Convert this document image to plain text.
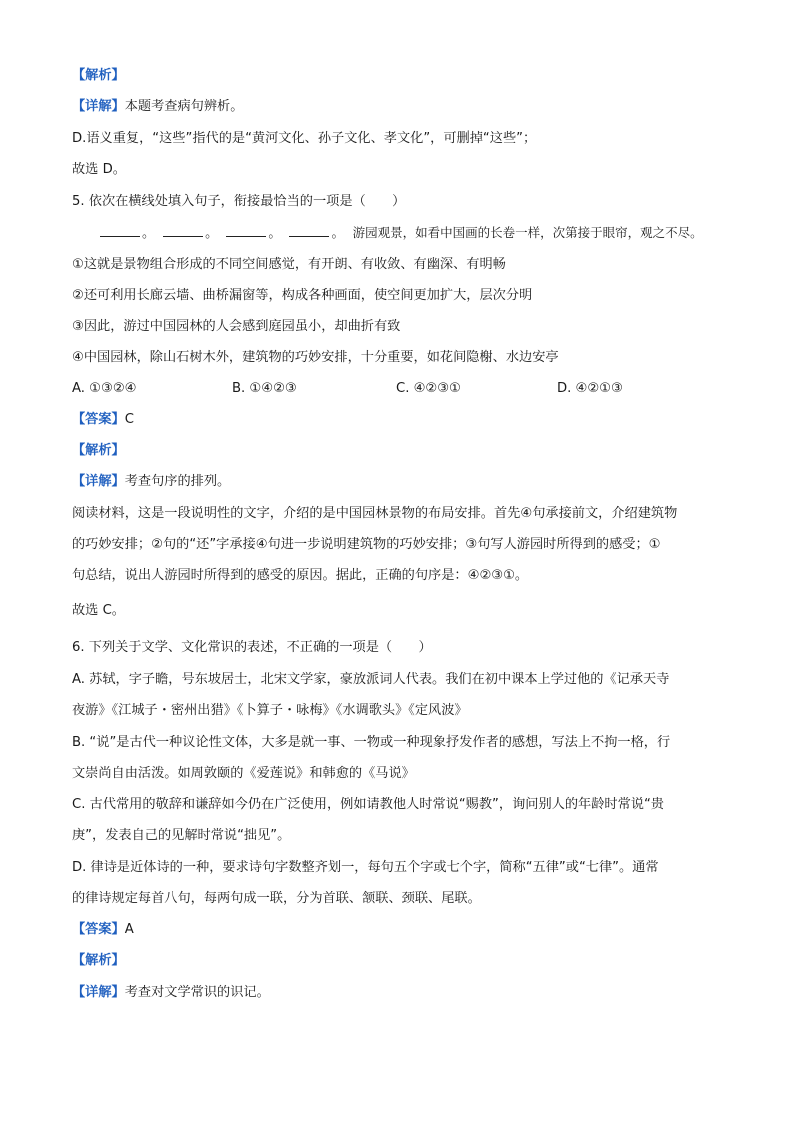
【解析】
【详解】本题考查病句辨析。
D.语义重复，“这些”指代的是“黄河文化、孙子文化、孝文化”，可删掉“这些”；
故选 D。
5. 依次在横线处填入句子，衔接最恰当的一项是（　　）
。	。	。	。 游园观景，如看中国画的长卷一样，次第接于眼帘，观之不尽。
①这就是景物组合形成的不同空间感觉，有开朗、有收敛、有幽深、有明畅
②还可利用长廊云墙、曲桥漏窗等，构成各种画面，使空间更加扩大，层次分明
③因此，游过中国园林的人会感到庭园虽小，却曲折有致
④中国园林，除山石树木外，建筑物的巧妙安排，十分重要，如花间隐榭、水边安亭
A. ①③②④	B. ①④②③	C. ④②③①	D. ④②①③
【答案】C
【解析】
【详解】考查句序的排列。
阅读材料，这是一段说明性的文字，介绍的是中国园林景物的布局安排。首先④句承接前文，介绍建筑物
的巧妙安排；②句的“还”字承接④句进一步说明建筑物的巧妙安排；③句写人游园时所得到的感受；①
句总结，说出人游园时所得到的感受的原因。据此，正确的句序是：④②③①。
故选 C。
6. 下列关于文学、文化常识的表述，不正确的一项是（　　）
A. 苏轼，字子瞻，号东坡居士，北宋文学家，豪放派词人代表。我们在初中课本上学过他的《记承天寺
夜游》《江城子・密州出猎》《卜算子・咏梅》《水调歌头》《定风波》
B. “说”是古代一种议论性文体，大多是就一事、一物或一种现象抒发作者的感想，写法上不拘一格，行
文崇尚自由活泼。如周敦颐的《爱莲说》和韩愈的《马说》
C. 古代常用的敬辞和谦辞如今仍在广泛使用，例如请教他人时常说“赐教”，询问别人的年龄时常说“贵
庚”，发表自己的见解时常说“拙见”。
D. 律诗是近体诗的一种，要求诗句字数整齐划一，每句五个字或七个字，简称“五律”或“七律”。通常
的律诗规定每首八句，每两句成一联，分为首联、颔联、颈联、尾联。
【答案】A
【解析】
【详解】考查对文学常识的识记。
